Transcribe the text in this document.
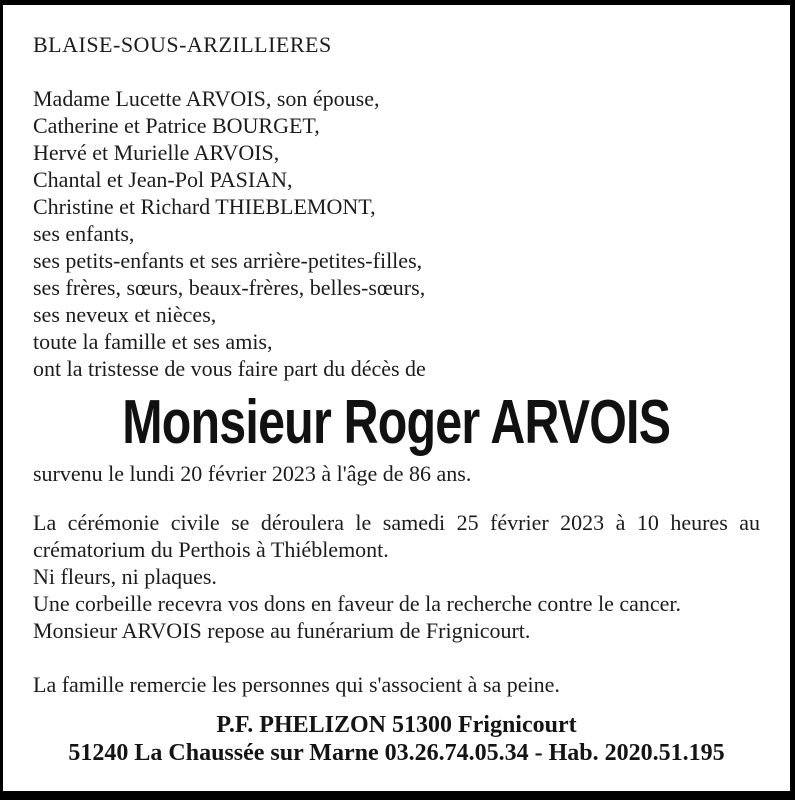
BLAISE-SOUS-ARZILLIERES
Madame Lucette ARVOIS, son épouse,
Catherine et Patrice BOURGET,
Hervé et Murielle ARVOIS,
Chantal et Jean-Pol PASIAN,
Christine et Richard THIEBLEMONT,
ses enfants,
ses petits-enfants et ses arrière-petites-filles,
ses frères, sœurs, beaux-frères, belles-sœurs,
ses neveux et nièces,
toute la famille et ses amis,
ont la tristesse de vous faire part du décès de
Monsieur Roger ARVOIS
survenu le lundi 20 février 2023 à l'âge de 86 ans.

La cérémonie civile se déroulera le samedi 25 février 2023 à 10 heures au crématorium du Perthois à Thiéblemont.

Ni fleurs, ni plaques.

Une corbeille recevra vos dons en faveur de la recherche contre le cancer.

Monsieur ARVOIS repose au funérarium de Frignicourt.

La famille remercie les personnes qui s'associent à sa peine.
P.F. PHELIZON 51300 Frignicourt
51240 La Chaussée sur Marne 03.26.74.05.34 - Hab. 2020.51.195
